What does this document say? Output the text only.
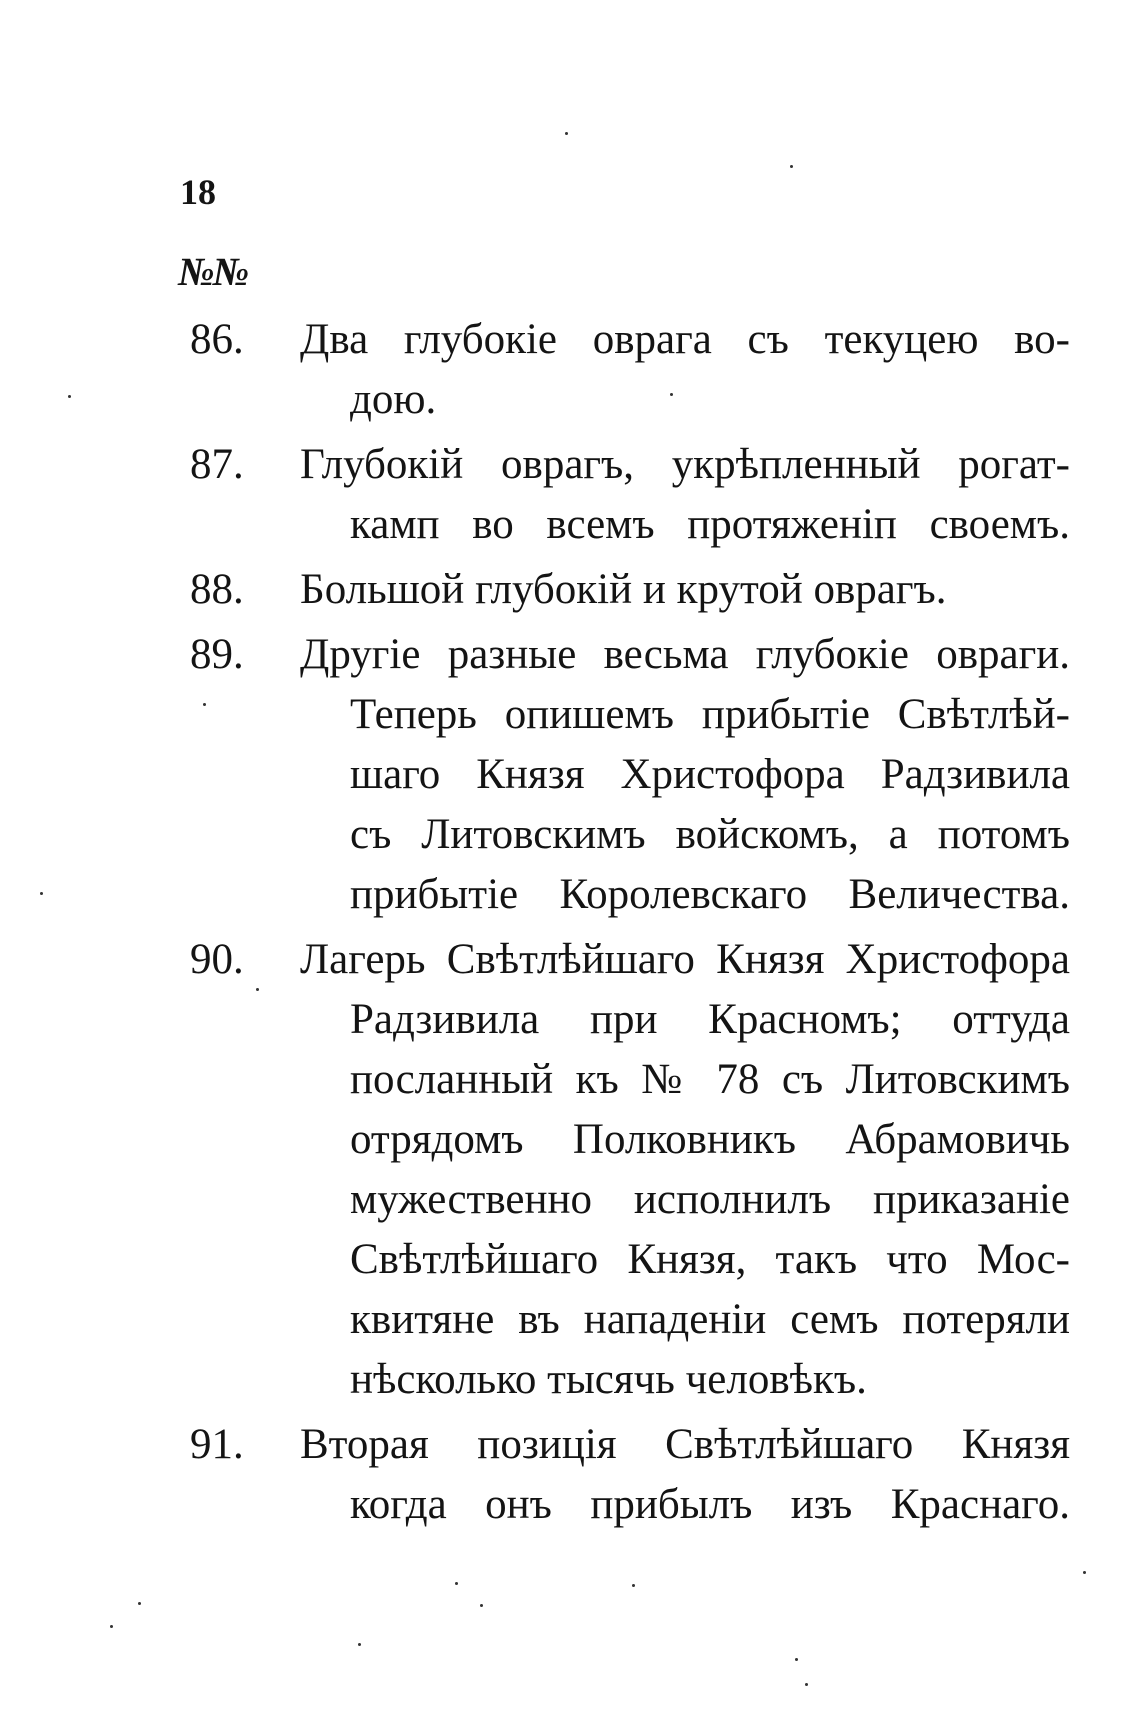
18
№№
86.	Два глубокіе оврага съ текуцею во-
дою.
87.	Глубокій оврагъ, укрѣпленный рогат-
камп во всемъ протяженіп своемъ.
88.	Большой глубокій и крутой оврагъ.
89.	Другіе разные весьма глубокіе овраги.
Теперь опишемъ прибытіе Свѣтлѣй-
шаго Князя Христофора Радзивила
съ Литовскимъ войскомъ, а потомъ
прибытіе Королевскаго Величества.
90.	Лагерь Свѣтлѣйшаго Князя Христофора
Радзивила при Красномъ; оттуда
посланный къ № 78 съ Литовскимъ
отрядомъ Полковникъ Абрамовичь
мужественно исполнилъ приказаніе
Свѣтлѣйшаго Князя, такъ что Мос-
квитяне въ нападеніи семъ потеряли
нѣсколько тысячь человѣкъ.
91.	Вторая позиція Свѣтлѣйшаго Князя
когда онъ прибылъ изъ Краснаго.
